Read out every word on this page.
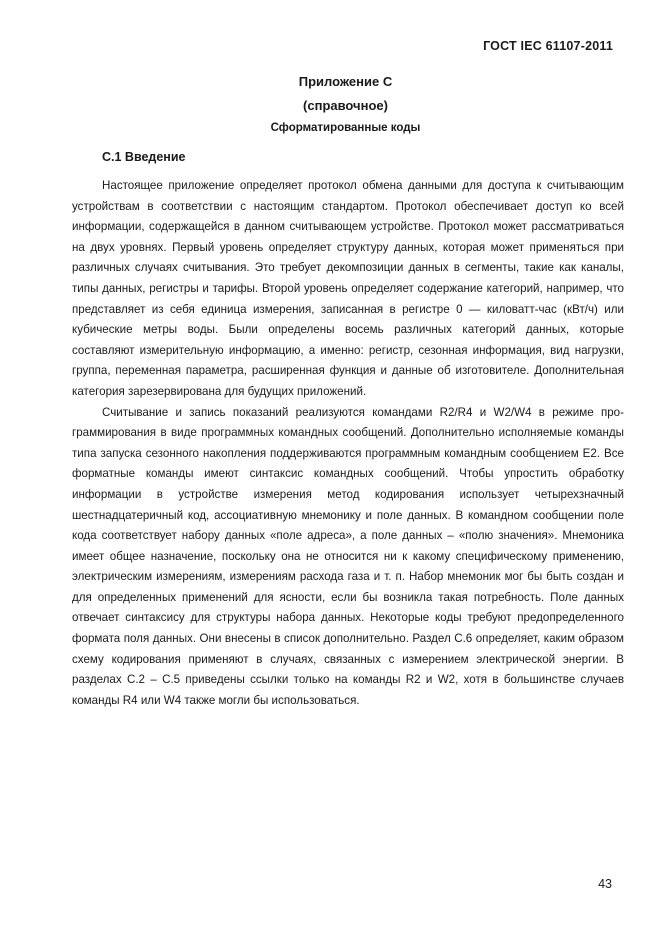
ГОСТ IEC 61107-2011
Приложение С
(справочное)
Сформатированные коды
С.1 Введение

Настоящее приложение определяет протокол обмена данными для доступа к считывающим устройствам в соответствии с настоящим стандартом. Протокол обеспечивает доступ ко всей информации, содержащейся в данном считывающем устройстве. Протокол может рассматриваться на двух уровнях. Первый уровень определяет структуру данных, которая может применяться при различных случаях считывания. Это требует декомпозиции данных в сегменты, такие как каналы, типы данных, регистры и тарифы. Второй уровень определяет содержание категорий, например, что представляет из себя единица измерения, записанная в регистре 0 — киловатт-час (кВт/ч) или кубические метры воды. Были определены восемь различных категорий данных, которые составляют измерительную информацию, а именно: регистр, сезонная информация, вид нагрузки, группа, переменная параметра, расширенная функция и данные об изготовителе. Дополнительная категория зарезервирована для будущих приложений.

Считывание и запись показаний реализуются командами R2/R4 и W2/W4 в режиме программирования в виде программных командных сообщений. Дополнительно исполняемые команды типа запуска сезонного накопления поддерживаются программным командным сообщением E2. Все форматные команды имеют синтаксис командных сообщений. Чтобы упростить обработку информации в устройстве измерения метод кодирования использует четырехзначный шестнадцатеричный код, ассоциативную мнемонику и поле данных. В командном сообщении поле кода соответствует набору данных «поле адреса», а поле данных – «полю значения». Мнемоника имеет общее назначение, поскольку она не относится ни к какому специфическому применению, электрическим измерениям, измерениям расхода газа и т. п. Набор мнемоник мог бы быть создан и для определенных применений для ясности, если бы возникла такая потребность. Поле данных отвечает синтаксису для структуры набора данных. Некоторые коды требуют предопределенного формата поля данных. Они внесены в список дополнительно. Раздел С.6 определяет, каким образом схему кодирования применяют в случаях, связанных с измерением электрической энергии. В разделах С.2 – С.5 приведены ссылки только на команды R2 и W2, хотя в большинстве случаев команды R4 или W4 также могли бы использоваться.

43
